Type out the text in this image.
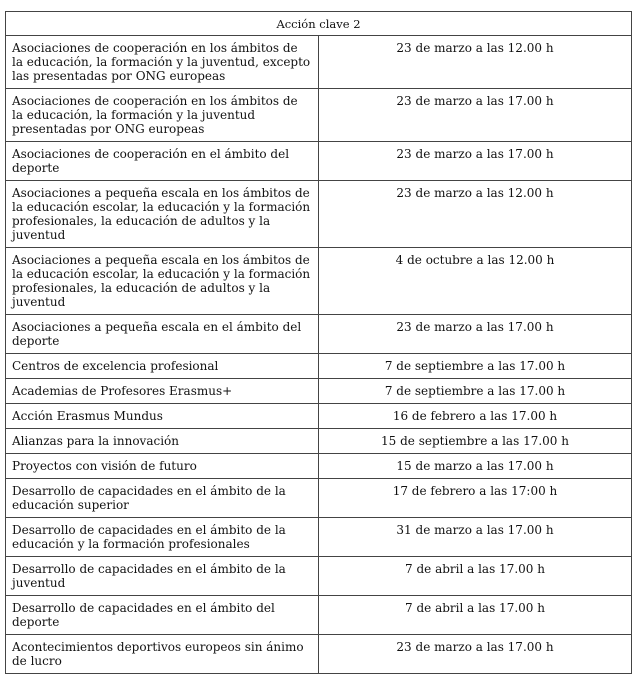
Acción clave 2	
Asociaciones de cooperación en los ámbitos de la educación, la formación y la juventud, excepto las presentadas por ONG europeas	23 de marzo a las 12.00 h
Asociaciones de cooperación en los ámbitos de la educación, la formación y la juventud presentadas por ONG europeas	23 de marzo a las 17.00 h
Asociaciones de cooperación en el ámbito del deporte	23 de marzo a las 17.00 h
Asociaciones a pequeña escala en los ámbitos de la educación escolar, la educación y la formación profesionales, la educación de adultos y la juventud	23 de marzo a las 12.00 h
Asociaciones a pequeña escala en los ámbitos de la educación escolar, la educación y la formación profesionales, la educación de adultos y la juventud	4 de octubre a las 12.00 h
Asociaciones a pequeña escala en el ámbito del deporte	23 de marzo a las 17.00 h
Centros de excelencia profesional	7 de septiembre a las 17.00 h
Academias de Profesores Erasmus+	7 de septiembre a las 17.00 h
Acción Erasmus Mundus	16 de febrero a las 17.00 h
Alianzas para la innovación	15 de septiembre a las 17.00 h
Proyectos con visión de futuro	15 de marzo a las 17.00 h
Desarrollo de capacidades en el ámbito de la educación superior	17 de febrero a las 17:00 h
Desarrollo de capacidades en el ámbito de la educación y la formación profesionales	31 de marzo a las 17.00 h
Desarrollo de capacidades en el ámbito de la juventud	7 de abril a las 17.00 h
Desarrollo de capacidades en el ámbito del deporte	7 de abril a las 17.00 h
Acontecimientos deportivos europeos sin ánimo de lucro	23 de marzo a las 17.00 h
